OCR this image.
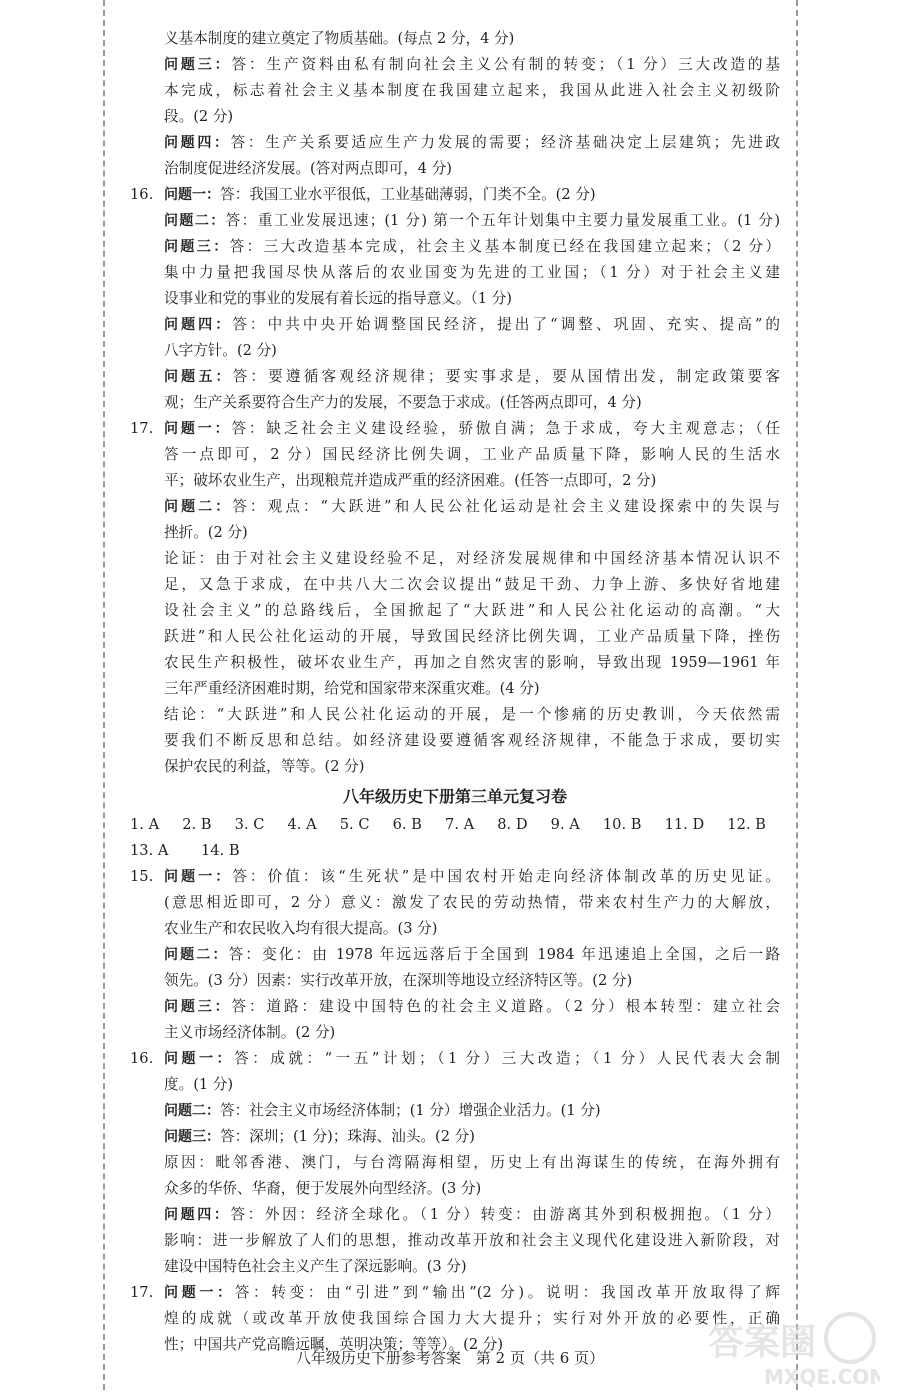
义基本制度的建立奠定了物质基础。(每点 2 分，4 分)
问题三：答：生产资料由私有制向社会主义公有制的转变；（1 分）三大改造的基
本完成，标志着社会主义基本制度在我国建立起来，我国从此进入社会主义初级阶
段。(2 分)
问题四：答：生产关系要适应生产力发展的需要；经济基础决定上层建筑；先进政
治制度促进经济发展。(答对两点即可，4 分)
16. 问题一：答：我国工业水平很低，工业基础薄弱，门类不全。(2 分)
问题二：答：重工业发展迅速；(1 分) 第一个五年计划集中主要力量发展重工业。(1 分)
问题三：答：三大改造基本完成，社会主义基本制度已经在我国建立起来；（2 分）
集中力量把我国尽快从落后的农业国变为先进的工业国；（1 分）对于社会主义建
设事业和党的事业的发展有着长远的指导意义。（1 分)
问题四：答：中共中央开始调整国民经济，提出了“调整、巩固、充实、提高”的
八字方针。(2 分)
问题五：答：要遵循客观经济规律；要实事求是，要从国情出发，制定政策要客
观；生产关系要符合生产力的发展，不要急于求成。(任答两点即可，4 分)
17. 问题一：答：缺乏社会主义建设经验，骄傲自满；急于求成，夸大主观意志；（任
答一点即可，2 分）国民经济比例失调，工业产品质量下降，影响人民的生活水
平；破坏农业生产，出现粮荒并造成严重的经济困难。(任答一点即可，2 分)
问题二：答：观点：“大跃进”和人民公社化运动是社会主义建设探索中的失误与
挫折。(2 分)
论证：由于对社会主义建设经验不足，对经济发展规律和中国经济基本情况认识不
足，又急于求成，在中共八大二次会议提出“鼓足干劲、力争上游、多快好省地建
设社会主义”的总路线后，全国掀起了“大跃进”和人民公社化运动的高潮。“大
跃进”和人民公社化运动的开展，导致国民经济比例失调，工业产品质量下降，挫伤
农民生产积极性，破坏农业生产，再加之自然灾害的影响，导致出现 1959—1961 年
三年严重经济困难时期，给党和国家带来深重灾难。(4 分)
结论：“大跃进”和人民公社化运动的开展，是一个惨痛的历史教训，今天依然需
要我们不断反思和总结。如经济建设要遵循客观经济规律，不能急于求成，要切实
保护农民的利益，等等。(2 分)
八年级历史下册第三单元复习卷
1. A 2. B 3. C 4. A 5. C 6. B 7. A 8. D 9. A 10. B 11. D 12. B
13. A 14. B
15. 问题一：答：价值：该“生死状”是中国农村开始走向经济体制改革的历史见证。
(意思相近即可，2 分）意义：激发了农民的劳动热情，带来农村生产力的大解放，
农业生产和农民收入均有很大提高。(3 分)
问题二：答：变化：由 1978 年远远落后于全国到 1984 年迅速追上全国，之后一路
领先。(3 分）因素：实行改革开放，在深圳等地设立经济特区等。(2 分)
问题三：答：道路：建设中国特色的社会主义道路。（2 分）根本转型：建立社会
主义市场经济体制。(2 分)
16. 问题一：答：成就：“一五”计划；（1 分）三大改造；（1 分）人民代表大会制
度。(1 分)
问题二：答：社会主义市场经济体制；(1 分）增强企业活力。(1 分)
问题三：答：深圳；(1 分)；珠海、汕头。(2 分)
原因：毗邻香港、澳门，与台湾隔海相望，历史上有出海谋生的传统，在海外拥有
众多的华侨、华裔，便于发展外向型经济。(3 分)
问题四：答：外因：经济全球化。（1 分）转变：由游离其外到积极拥抱。（1 分）
影响：进一步解放了人们的思想，推动改革开放和社会主义现代化建设进入新阶段，对
建设中国特色社会主义产生了深远影响。(3 分)
17. 问题一：答：转变：由“引进”到“输出”(2 分)。说明：我国改革开放取得了辉
煌的成就（或改革开放使我国综合国力大大提升；实行对外开放的必要性，正确
性；中国共产党高瞻远瞩，英明决策；等等）。(2 分)	答案圈
MXQE.COM
八年级历史下册参考答案　第 2 页（共 6 页）
